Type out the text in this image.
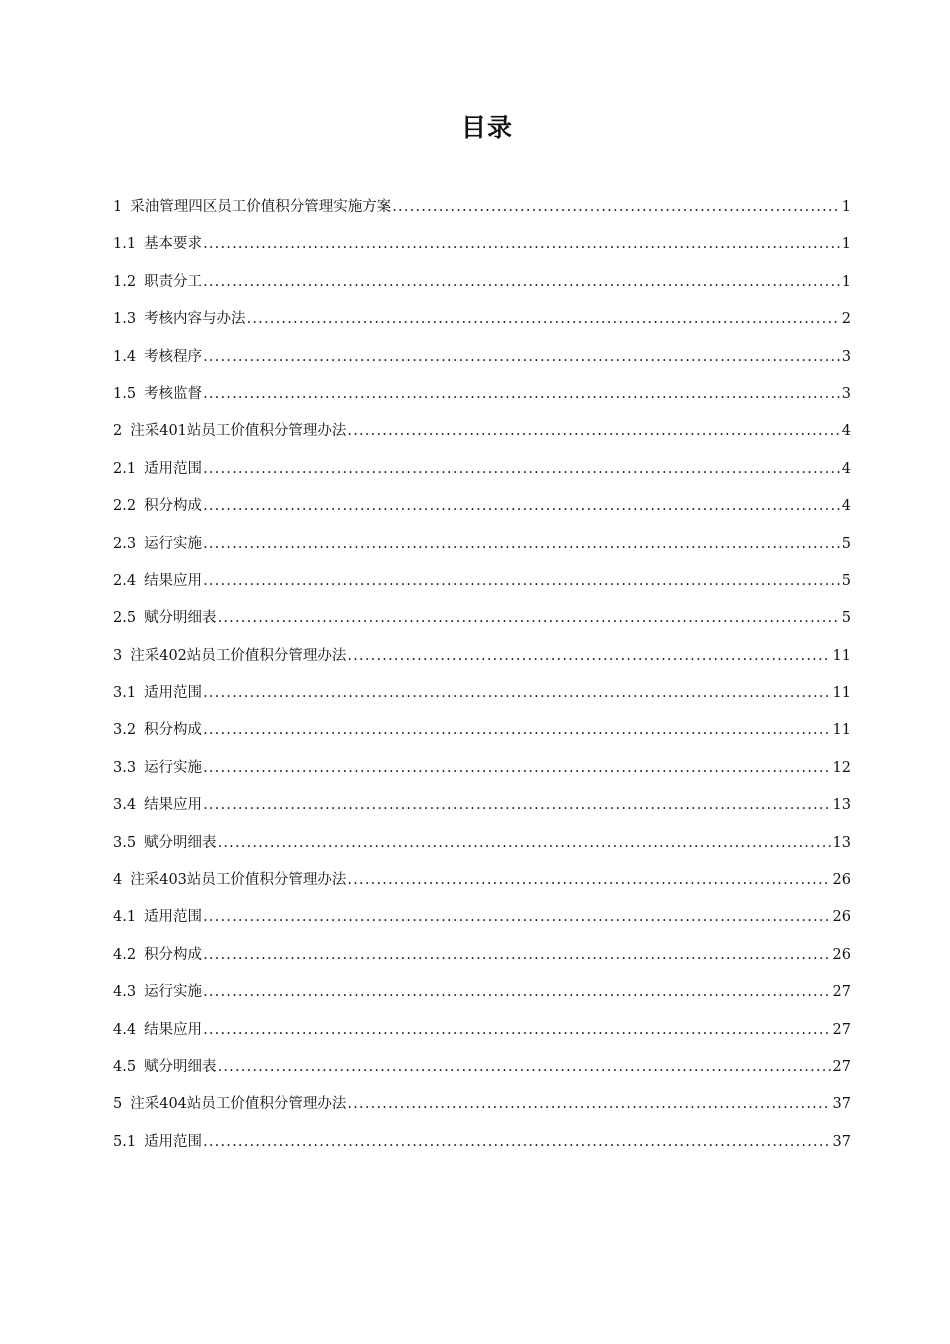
目录
1 采油管理四区员工价值积分管理实施方案 .....	1
1.1 基本要求 .....	1
1.2 职责分工 .....	1
1.3 考核内容与办法 .....	2
1.4 考核程序 .....	3
1.5 考核监督 .....	3
2 注采401站员工价值积分管理办法 .....	4
2.1 适用范围 .....	4
2.2 积分构成 .....	4
2.3 运行实施 .....	5
2.4 结果应用 .....	5
2.5 赋分明细表 .....	5
3 注采402站员工价值积分管理办法 .....	11
3.1 适用范围 .....	11
3.2 积分构成 .....	11
3.3 运行实施 .....	12
3.4 结果应用 .....	13
3.5 赋分明细表 .....	13
4 注采403站员工价值积分管理办法 .....	26
4.1 适用范围 .....	26
4.2 积分构成 .....	26
4.3 运行实施 .....	27
4.4 结果应用 .....	27
4.5 赋分明细表 .....	27
5 注采404站员工价值积分管理办法 .....	37
5.1 适用范围 .....	37
